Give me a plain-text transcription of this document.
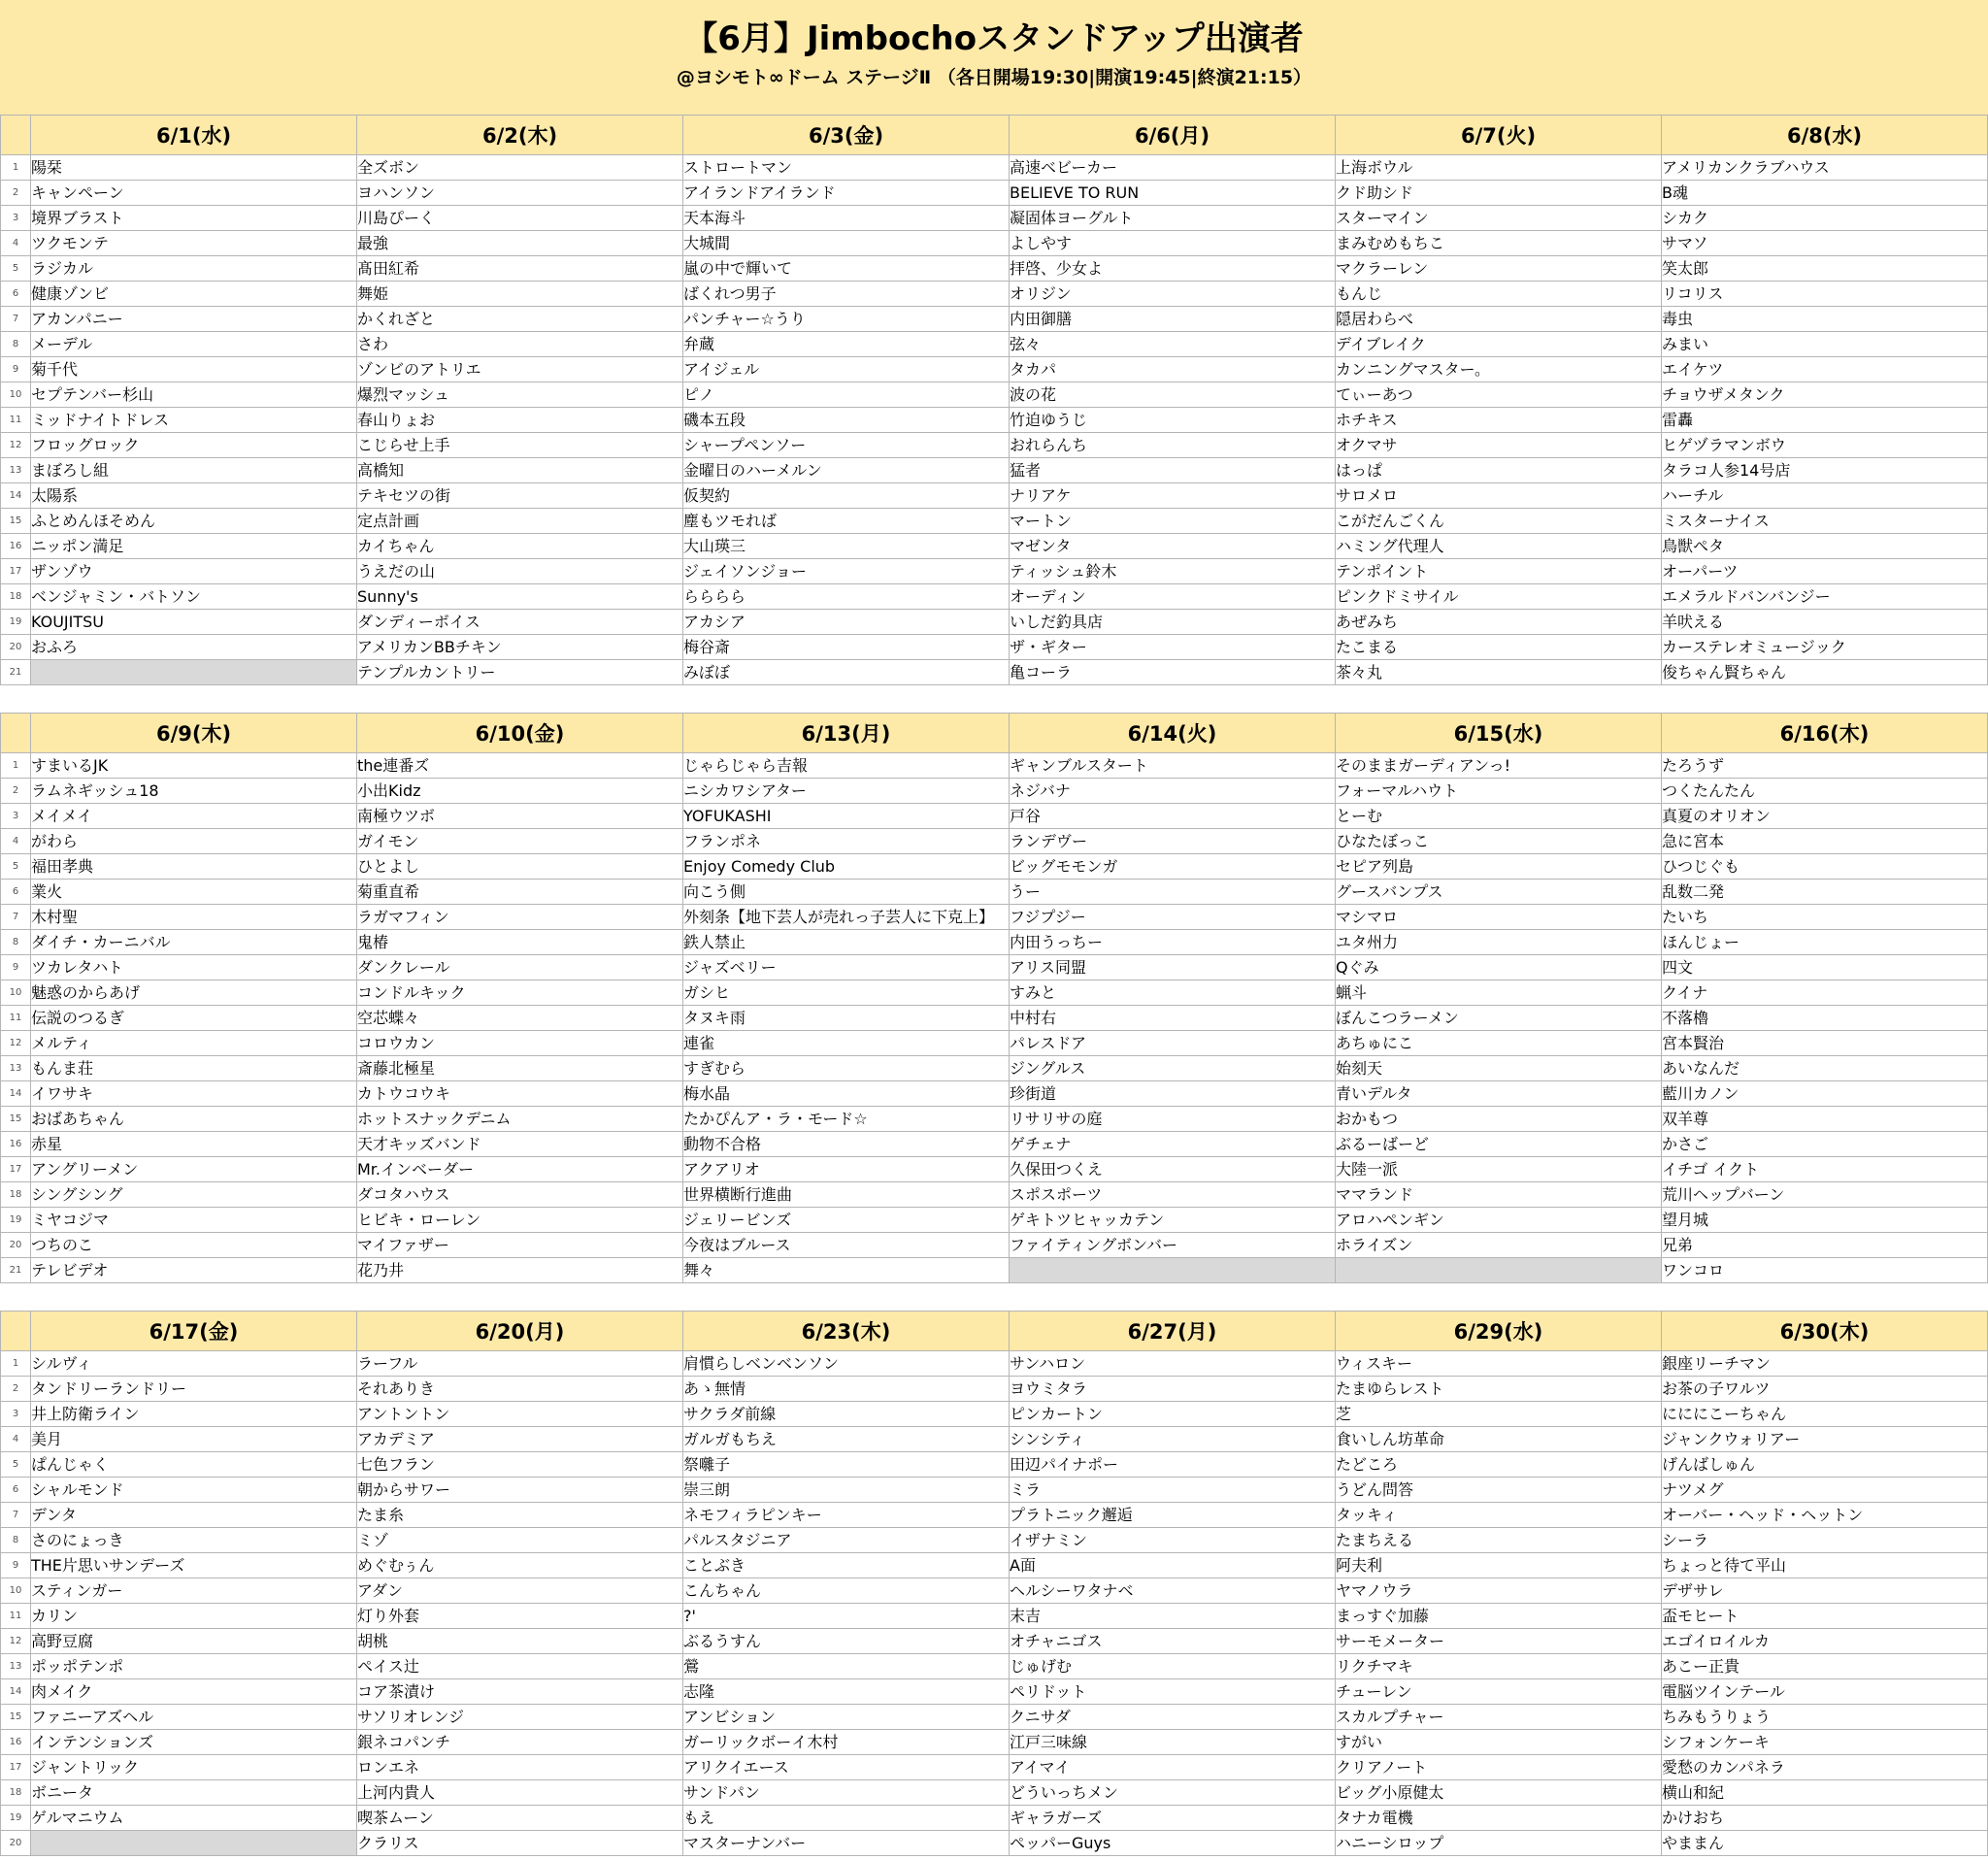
【6月】Jimbochoスタンドアップ出演者
@ヨシモト∞ドーム ステージⅡ （各日開場19:30|開演19:45|終演21:15）
	6/1(水)	6/2(木)	6/3(金)	6/6(月)	6/7(火)	6/8(水)
1	陽栞	全ズボン	ストロートマン	高速ベビーカー	上海ボウル	アメリカンクラブハウス
2	キャンペーン	ヨハンソン	アイランドアイランド	BELIEVE TO RUN	クド助シド	B魂
3	境界ブラスト	川島ぴーく	天本海斗	凝固体ヨーグルト	スターマイン	シカク
4	ツクモンテ	最強	大城間	よしやす	まみむめもちこ	サマソ
5	ラジカル	髙田紅希	嵐の中で輝いて	拝啓、少女よ	マクラーレン	笑太郎
6	健康ゾンビ	舞姫	ばくれつ男子	オリジン	もんじ	リコリス
7	アカンパニー	かくれざと	パンチャー☆うり	内田御膳	隠居わらべ	毒虫
8	メーデル	さわ	弁蔵	弦々	デイブレイク	みまい
9	菊千代	ゾンビのアトリエ	アイジェル	タカパ	カンニングマスター。	エイケツ
10	セプテンバー杉山	爆烈マッシュ	ピノ	波の花	てぃーあつ	チョウザメタンク
11	ミッドナイトドレス	春山りょお	磯本五段	竹迫ゆうじ	ホチキス	雷轟
12	フロッグロック	こじらせ上手	シャープペンソー	おれらんち	オクマサ	ヒゲヅラマンボウ
13	まぼろし組	高橋知	金曜日のハーメルン	猛者	はっぱ	タラコ人参14号店
14	太陽系	テキセツの街	仮契約	ナリアケ	サロメロ	ハーチル
15	ふとめんほそめん	定点計画	塵もツモれば	マートン	こがだんごくん	ミスターナイス
16	ニッポン満足	カイちゃん	大山瑛三	マゼンタ	ハミング代理人	鳥獣ペタ
17	ザンゾウ	うえだの山	ジェイソンジョー	ティッシュ鈴木	テンポイント	オーパーツ
18	ベンジャミン・バトソン	Sunny's	らららら	オーディン	ピンクドミサイル	エメラルドバンバンジー
19	KOUJITSU	ダンディーボイス	アカシア	いしだ釣具店	あぜみち	羊吠える
20	おふろ	アメリカンBBチキン	梅谷斎	ザ・ギター	たこまる	カーステレオミュージック
21		テンプルカントリー	みぼぼ	亀コーラ	茶々丸	俊ちゃん賢ちゃん
	6/9(木)	6/10(金)	6/13(月)	6/14(火)	6/15(水)	6/16(木)
1	すまいるJK	the連番ズ	じゃらじゃら吉報	ギャンブルスタート	そのままガーディアンっ!	たろうず
2	ラムネギッシュ18	小出Kidz	ニシカワシアター	ネジバナ	フォーマルハウト	つくたんたん
3	メイメイ	南極ウツボ	YOFUKASHI	戸谷	とーむ	真夏のオリオン
4	がわら	ガイモン	フランポネ	ランデヴー	ひなたぼっこ	急に宮本
5	福田孝典	ひとよし	Enjoy Comedy Club	ビッグモモンガ	セピア列島	ひつじぐも
6	業火	菊重直希	向こう側	うー	グースバンプス	乱数二発
7	木村聖	ラガマフィン	外刻条【地下芸人が売れっ子芸人に下克上】	フジプジー	マシマロ	たいち
8	ダイチ・カーニバル	鬼椿	鉄人禁止	内田うっちー	ユタ州力	ほんじょー
9	ツカレタハト	ダンクレール	ジャズベリー	アリス同盟	Qぐみ	四文
10	魅惑のからあげ	コンドルキック	ガシヒ	すみと	蝋斗	クイナ
11	伝説のつるぎ	空芯蝶々	タヌキ雨	中村右	ぼんこつラーメン	不落櫓
12	メルティ	コロウカン	連雀	パレスドア	あちゅにこ	宮本賢治
13	もんま荘	斎藤北極星	すぎむら	ジングルス	始刻天	あいなんだ
14	イワサキ	カトウコウキ	梅水晶	珍街道	青いデルタ	藍川カノン
15	おばあちゃん	ホットスナックデニム	たかぴんア・ラ・モード☆	リサリサの庭	おかもつ	双羊尊
16	赤星	天才キッズバンド	動物不合格	ゲチェナ	ぶるーばーど	かさご
17	アングリーメン	Mr.インベーダー	アクアリオ	久保田つくえ	大陸一派	イチゴ イクト
18	シングシング	ダコタハウス	世界横断行進曲	スポスポーツ	ママランド	荒川ヘップバーン
19	ミヤコジマ	ヒビキ・ローレン	ジェリービンズ	ゲキトツヒャッカテン	アロハペンギン	望月城
20	つちのこ	マイファザー	今夜はブルース	ファイティングボンバー	ホライズン	兄弟
21	テレビデオ	花乃井	舞々			ワンコロ
	6/17(金)	6/20(月)	6/23(木)	6/27(月)	6/29(水)	6/30(木)
1	シルヴィ	ラーフル	肩慣らしベンベンソン	サンハロン	ウィスキー	銀座リーチマン
2	タンドリーランドリー	それありき	あゝ無情	ヨウミタラ	たまゆらレスト	お茶の子ワルツ
3	井上防衛ライン	アントントン	サクラダ前線	ピンカートン	芝	にににこーちゃん
4	美月	アカデミア	ガルガもちえ	シンシティ	食いしん坊革命	ジャンクウォリアー
5	ぱんじゃく	七色フラン	祭囃子	田辺パイナポー	たどころ	げんばしゅん
6	シャルモンド	朝からサワー	崇三朗	ミラ	うどん問答	ナツメグ
7	デンタ	たま糸	ネモフィラピンキー	プラトニック邂逅	タッキィ	オーバー・ヘッド・ヘットン
8	さのにょっき	ミゾ	パルスタジニア	イザナミン	たまちえる	シーラ
9	THE片思いサンデーズ	めぐむぅん	ことぶき	A面	阿夫利	ちょっと待て平山
10	スティンガー	アダン	こんちゃん	ヘルシーワタナベ	ヤマノウラ	デザサレ
11	カリン	灯り外套	?'	末吉	まっすぐ加藤	盃モヒート
12	高野豆腐	胡桃	ぶるうすん	オチャニゴス	サーモメーター	エゴイロイルカ
13	ポッポテンポ	ペイス辻	鶯	じゅげむ	リクチマキ	あこー正貴
14	肉メイク	コア茶漬け	志隆	ペリドット	チューレン	電脳ツインテール
15	ファニーアズヘル	サソリオレンジ	アンビション	クニサダ	スカルプチャー	ちみもうりょう
16	インテンションズ	銀ネコパンチ	ガーリックボーイ木村	江戸三味線	すがい	シフォンケーキ
17	ジャントリック	ロンエネ	アリクイエース	アイマイ	クリアノート	愛愁のカンパネラ
18	ボニータ	上河内貴人	サンドパン	どういっちメン	ビッグ小原健太	横山和紀
19	ゲルマニウム	喫茶ムーン	もえ	ギャラガーズ	タナカ電機	かけおち
20		クラリス	マスターナンバー	ペッパーGuys	ハニーシロップ	やままん
